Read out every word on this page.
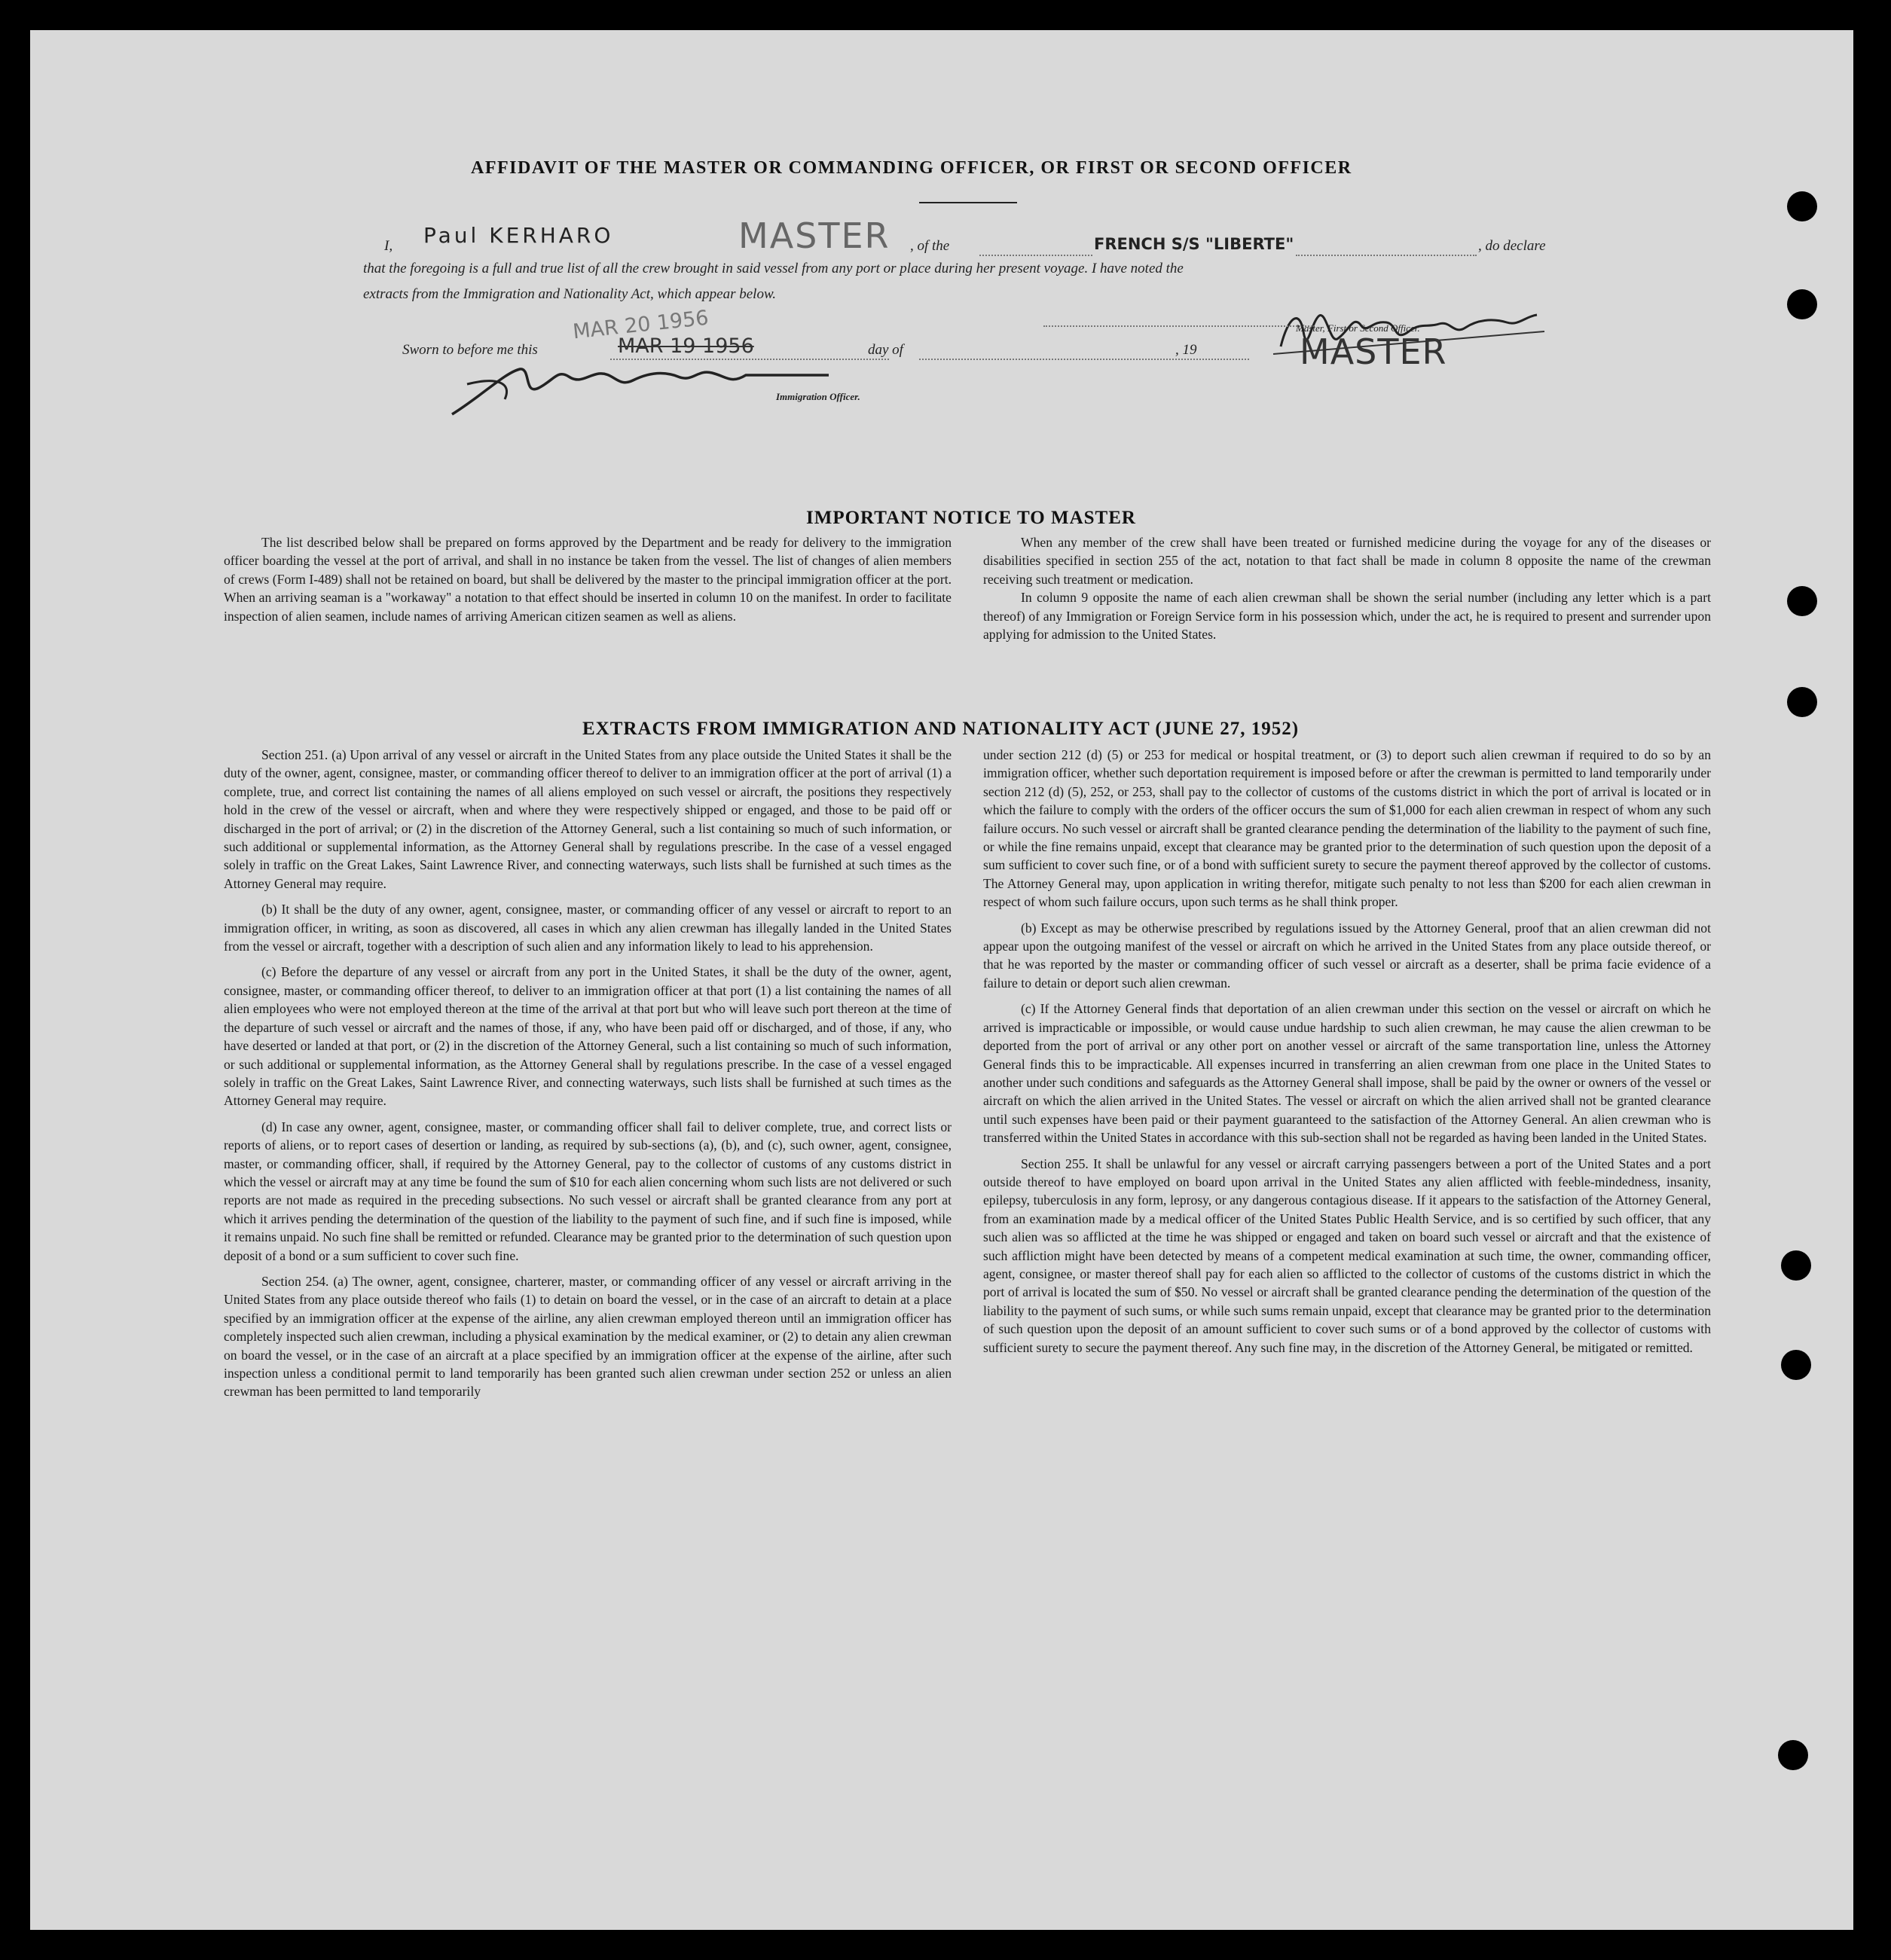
AFFIDAVIT OF THE MASTER OR COMMANDING OFFICER, OR FIRST OR SECOND OFFICER
I, Paul KERHARO	MASTER , of the	FRENCH S/S "LIBERTE"	, do declare
that the foregoing is a full and true list of all the crew brought in said vessel from any port or place during her present voyage. I have noted the
extracts from the Immigration and Nationality Act, which appear below.
Master, First or Second Officer.
MASTER
Sworn to before me this
MAR 20 1956
MAR 19 1956	day of	, 19
Immigration Officer.
IMPORTANT NOTICE TO MASTER

The list described below shall be prepared on forms approved by the Department and be ready for delivery to the immigration officer boarding the vessel at the port of arrival, and shall in no instance be taken from the vessel. The list of changes of alien members of crews (Form I-489) shall not be retained on board, but shall be delivered by the master to the principal immigration officer at the port. When an arriving seaman is a "workaway" a notation to that effect should be inserted in column 10 on the manifest. In order to facilitate inspection of alien seamen, include names of arriving American citizen seamen as well as aliens.

When any member of the crew shall have been treated or furnished medicine during the voyage for any of the diseases or disabilities specified in section 255 of the act, notation to that fact shall be made in column 8 opposite the name of the crewman receiving such treatment or medication.

In column 9 opposite the name of each alien crewman shall be shown the serial number (including any letter which is a part thereof) of any Immigration or Foreign Service form in his possession which, under the act, he is required to present and surrender upon applying for admission to the United States.

EXTRACTS FROM IMMIGRATION AND NATIONALITY ACT (JUNE 27, 1952)

Section 251. (a) Upon arrival of any vessel or aircraft in the United States from any place outside the United States it shall be the duty of the owner, agent, consignee, master, or commanding officer thereof to deliver to an immigration officer at the port of arrival (1) a complete, true, and correct list containing the names of all aliens employed on such vessel or aircraft, the positions they respectively hold in the crew of the vessel or aircraft, when and where they were respectively shipped or engaged, and those to be paid off or discharged in the port of arrival; or (2) in the discretion of the Attorney General, such a list containing so much of such information, or such additional or supplemental information, as the Attorney General shall by regulations prescribe. In the case of a vessel engaged solely in traffic on the Great Lakes, Saint Lawrence River, and connecting waterways, such lists shall be furnished at such times as the Attorney General may require.

(b) It shall be the duty of any owner, agent, consignee, master, or commanding officer of any vessel or aircraft to report to an immigration officer, in writing, as soon as discovered, all cases in which any alien crewman has illegally landed in the United States from the vessel or aircraft, together with a description of such alien and any information likely to lead to his apprehension.

(c) Before the departure of any vessel or aircraft from any port in the United States, it shall be the duty of the owner, agent, consignee, master, or commanding officer thereof, to deliver to an immigration officer at that port (1) a list containing the names of all alien employees who were not employed thereon at the time of the arrival at that port but who will leave such port thereon at the time of the departure of such vessel or aircraft and the names of those, if any, who have been paid off or discharged, and of those, if any, who have deserted or landed at that port, or (2) in the discretion of the Attorney General, such a list containing so much of such information, or such additional or supplemental information, as the Attorney General shall by regulations prescribe. In the case of a vessel engaged solely in traffic on the Great Lakes, Saint Lawrence River, and connecting waterways, such lists shall be furnished at such times as the Attorney General may require.

(d) In case any owner, agent, consignee, master, or commanding officer shall fail to deliver complete, true, and correct lists or reports of aliens, or to report cases of desertion or landing, as required by sub-sections (a), (b), and (c), such owner, agent, consignee, master, or commanding officer, shall, if required by the Attorney General, pay to the collector of customs of any customs district in which the vessel or aircraft may at any time be found the sum of $10 for each alien concerning whom such lists are not delivered or such reports are not made as required in the preceding subsections. No such vessel or aircraft shall be granted clearance from any port at which it arrives pending the determination of the question of the liability to the payment of such fine, and if such fine is imposed, while it remains unpaid. No such fine shall be remitted or refunded. Clearance may be granted prior to the determination of such question upon deposit of a bond or a sum sufficient to cover such fine.

Section 254. (a) The owner, agent, consignee, charterer, master, or commanding officer of any vessel or aircraft arriving in the United States from any place outside thereof who fails (1) to detain on board the vessel, or in the case of an aircraft to detain at a place specified by an immigration officer at the expense of the airline, any alien crewman employed thereon until an immigration officer has completely inspected such alien crewman, including a physical examination by the medical examiner, or (2) to detain any alien crewman on board the vessel, or in the case of an aircraft at a place specified by an immigration officer at the expense of the airline, after such inspection unless a conditional permit to land temporarily has been granted such alien crewman under section 252 or unless an alien crewman has been permitted to land temporarily

under section 212 (d) (5) or 253 for medical or hospital treatment, or (3) to deport such alien crewman if required to do so by an immigration officer, whether such deportation requirement is imposed before or after the crewman is permitted to land temporarily under section 212 (d) (5), 252, or 253, shall pay to the collector of customs of the customs district in which the port of arrival is located or in which the failure to comply with the orders of the officer occurs the sum of $1,000 for each alien crewman in respect of whom any such failure occurs. No such vessel or aircraft shall be granted clearance pending the determination of the liability to the payment of such fine, or while the fine remains unpaid, except that clearance may be granted prior to the determination of such question upon the deposit of a sum sufficient to cover such fine, or of a bond with sufficient surety to secure the payment thereof approved by the collector of customs. The Attorney General may, upon application in writing therefor, mitigate such penalty to not less than $200 for each alien crewman in respect of whom such failure occurs, upon such terms as he shall think proper.

(b) Except as may be otherwise prescribed by regulations issued by the Attorney General, proof that an alien crewman did not appear upon the outgoing manifest of the vessel or aircraft on which he arrived in the United States from any place outside thereof, or that he was reported by the master or commanding officer of such vessel or aircraft as a deserter, shall be prima facie evidence of a failure to detain or deport such alien crewman.

(c) If the Attorney General finds that deportation of an alien crewman under this section on the vessel or aircraft on which he arrived is impracticable or impossible, or would cause undue hardship to such alien crewman, he may cause the alien crewman to be deported from the port of arrival or any other port on another vessel or aircraft of the same transportation line, unless the Attorney General finds this to be impracticable. All expenses incurred in transferring an alien crewman from one place in the United States to another under such conditions and safeguards as the Attorney General shall impose, shall be paid by the owner or owners of the vessel or aircraft on which the alien arrived in the United States. The vessel or aircraft on which the alien arrived shall not be granted clearance until such expenses have been paid or their payment guaranteed to the satisfaction of the Attorney General. An alien crewman who is transferred within the United States in accordance with this sub-section shall not be regarded as having been landed in the United States.

Section 255. It shall be unlawful for any vessel or aircraft carrying passengers between a port of the United States and a port outside thereof to have employed on board upon arrival in the United States any alien afflicted with feeble-mindedness, insanity, epilepsy, tuberculosis in any form, leprosy, or any dangerous contagious disease. If it appears to the satisfaction of the Attorney General, from an examination made by a medical officer of the United States Public Health Service, and is so certified by such officer, that any such alien was so afflicted at the time he was shipped or engaged and taken on board such vessel or aircraft and that the existence of such affliction might have been detected by means of a competent medical examination at such time, the owner, commanding officer, agent, consignee, or master thereof shall pay for each alien so afflicted to the collector of customs of the customs district in which the port of arrival is located the sum of $50. No vessel or aircraft shall be granted clearance pending the determination of the question of the liability to the payment of such sums, or while such sums remain unpaid, except that clearance may be granted prior to the determination of such question upon the deposit of an amount sufficient to cover such sums or of a bond approved by the collector of customs with sufficient surety to secure the payment thereof. Any such fine may, in the discretion of the Attorney General, be mitigated or remitted.
